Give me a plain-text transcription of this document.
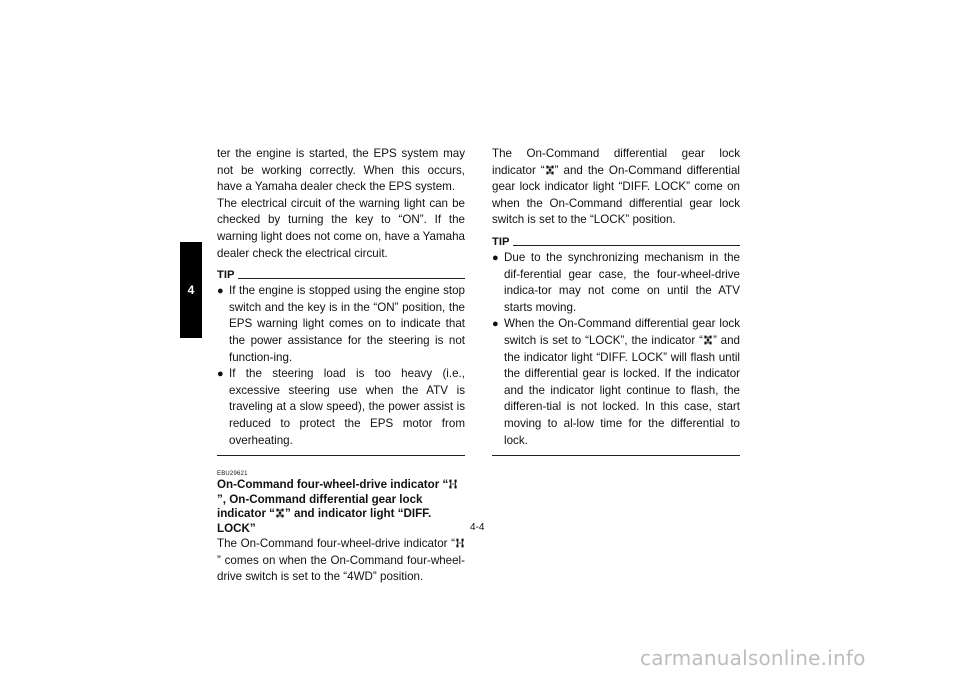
4

ter the engine is started, the EPS system may not be working correctly. When this occurs, have a Yamaha dealer check the EPS system.

The electrical circuit of the warning light can be checked by turning the key to “ON”. If the warning light does not come on, have a Yamaha dealer check the electrical circuit.

TIP
● If the engine is stopped using the engine stop switch and the key is in the “ON” position, the EPS warning light comes on to indicate that the power assistance for the steering is not function-ing.
● If the steering load is too heavy (i.e., excessive steering use when the ATV is traveling at a slow speed), the power assist is reduced to protect the EPS motor from overheating.
EBU29621
On-Command four-wheel-drive indicator “
”, On-Command differential gear lock indicator “ ” and indicator light “DIFF. LOCK”

The On-Command four-wheel-drive indicator “
” comes on when the On-Command four-wheel-drive switch is set to the “4WD” position.

The On-Command differential gear lock indicator “ ” and the On-Command differential gear lock indicator light “DIFF. LOCK” come on when the On-Command differential gear lock switch is set to the “LOCK” position.

TIP
● Due to the synchronizing mechanism in the dif-ferential gear case, the four-wheel-drive indica-tor may not come on until the ATV starts moving.
● When the On-Command differential gear lock switch is set to “LOCK”, the indicator “ ” and the indicator light “DIFF. LOCK” will flash until the differential gear is locked. If the indicator and the indicator light continue to flash, the differen-tial is not locked. In this case, start moving to al-low time for the differential to lock.
4-4
carmanualsonline.info
